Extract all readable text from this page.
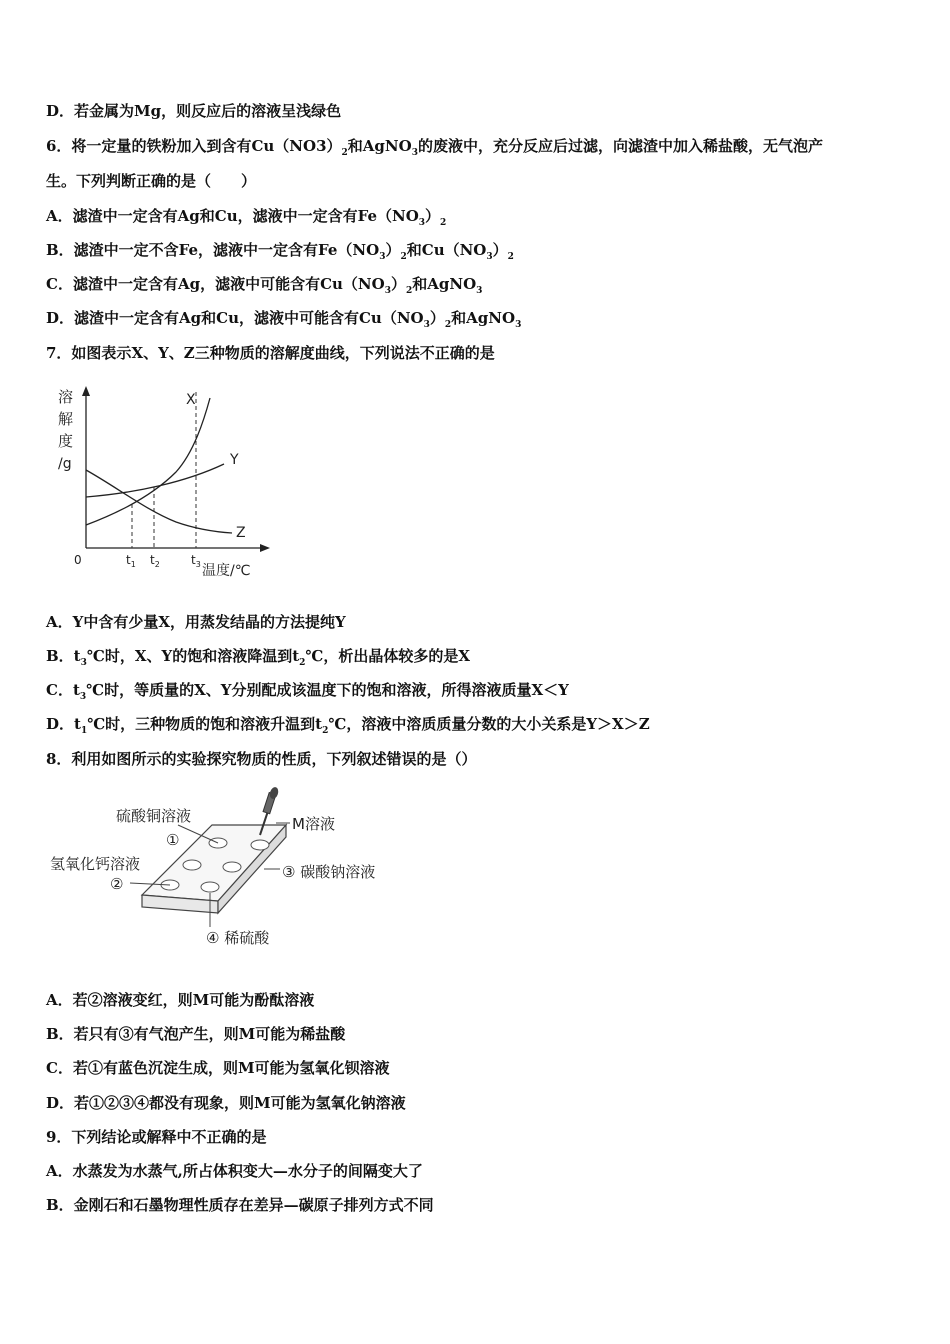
D．若金属为Mg，则反应后的溶液呈浅绿色
6．将一定量的铁粉加入到含有$Cu(NO3)_2$和AgNO$_3$的废液中，充分反应后过滤，向滤渣中加入稀盐酸，无气泡产
生。下列判断正确的是（　　）
A．滤渣中一定含有Ag和Cu，滤液中一定含有$Fe(NO_3)_2$
B．滤渣中一定不含Fe，滤液中一定含有$Fe(NO_3)_2$和$Cu(NO_3)_2$
C．滤渣中一定含有Ag，滤液中可能含有$Cu(NO_3)_2$和AgNO$_3$
D．滤渣中一定含有Ag和Cu，滤液中可能含有$Cu(NO_3)_2$和AgNO$_3$
7．如图表示X、Y、Z三种物质的溶解度曲线，下列说法不正确的是
溶
解
度
/g
0
X
Y
Z
$t_1$ $t_2$	$t_3$ 温度/℃
A．Y中含有少量X，用蒸发结晶的方法提纯Y
B．$t_3℃$时，X、Y的饱和溶液降温到$t_2℃$，析出晶体较多的是X
C．$t_3℃$时，等质量的X、Y分别配成该温度下的饱和溶液，所得溶液质量X＜Y
D．$t_1℃$时，三种物质的饱和溶液升温到$t_2℃$，溶液中溶质质量分数的大小关系是Y＞X＞Z
8．利用如图所示的实验探究物质的性质，下列叙述错误的是（）
硫酸铜溶液
①
M溶液
氢氧化钙溶液
②
③ 碳酸钠溶液
④ 稀硫酸
A．若②溶液变红，则M可能为酚酞溶液
B．若只有③有气泡产生，则M可能为稀盐酸
C．若①有蓝色沉淀生成，则M可能为氢氧化钡溶液
D．若①②③④都没有现象，则M可能为氢氧化钠溶液
9．下列结论或解释中不正确的是
A．水蒸发为水蒸气,所占体积变大—水分子的间隔变大了
B．金刚石和石墨物理性质存在差异—碳原子排列方式不同
